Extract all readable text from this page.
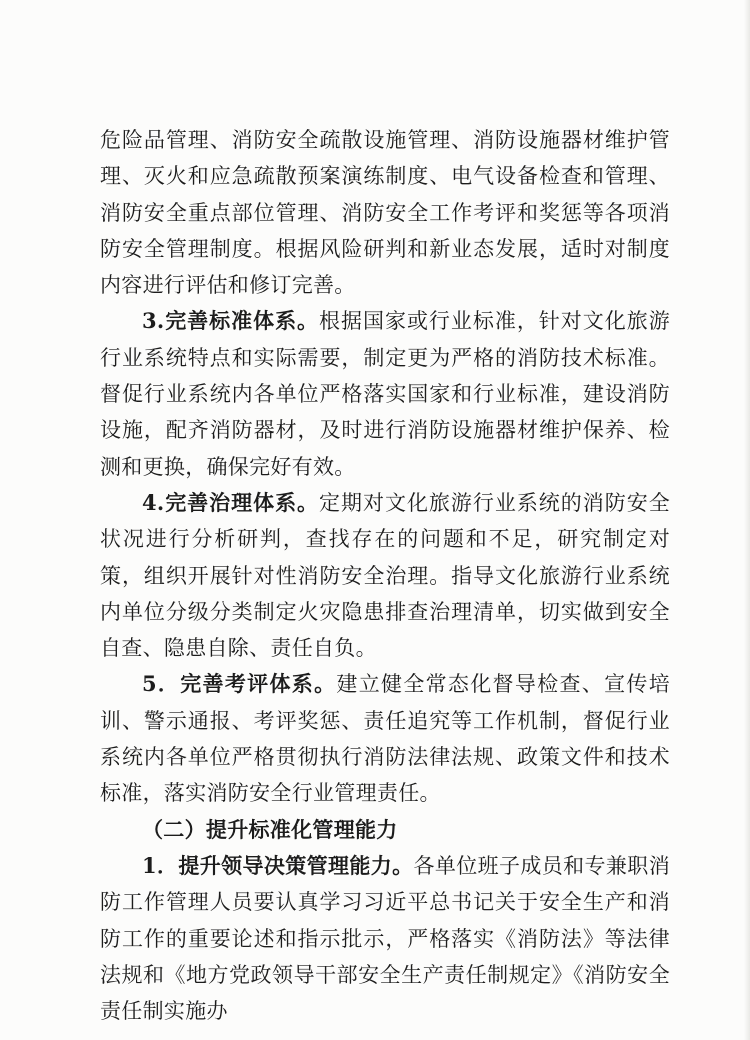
危险品管理、消防安全疏散设施管理、消防设施器材维护管理、灭火和应急疏散预案演练制度、电气设备检查和管理、消防安全重点部位管理、消防安全工作考评和奖惩等各项消防安全管理制度。根据风险研判和新业态发展，适时对制度内容进行评估和修订完善。

3.完善标准体系。根据国家或行业标准，针对文化旅游行业系统特点和实际需要，制定更为严格的消防技术标准。督促行业系统内各单位严格落实国家和行业标准，建设消防设施，配齐消防器材，及时进行消防设施器材维护保养、检测和更换，确保完好有效。

4.完善治理体系。定期对文化旅游行业系统的消防安全状况进行分析研判，查找存在的问题和不足，研究制定对策，组织开展针对性消防安全治理。指导文化旅游行业系统内单位分级分类制定火灾隐患排查治理清单，切实做到安全自查、隐患自除、责任自负。

5．完善考评体系。建立健全常态化督导检查、宣传培训、警示通报、考评奖惩、责任追究等工作机制，督促行业系统内各单位严格贯彻执行消防法律法规、政策文件和技术标准，落实消防安全行业管理责任。

（二）提升标准化管理能力

1．提升领导决策管理能力。各单位班子成员和专兼职消防工作管理人员要认真学习习近平总书记关于安全生产和消防工作的重要论述和指示批示，严格落实《消防法》等法律法规和《地方党政领导干部安全生产责任制规定》《消防安全责任制实施办
